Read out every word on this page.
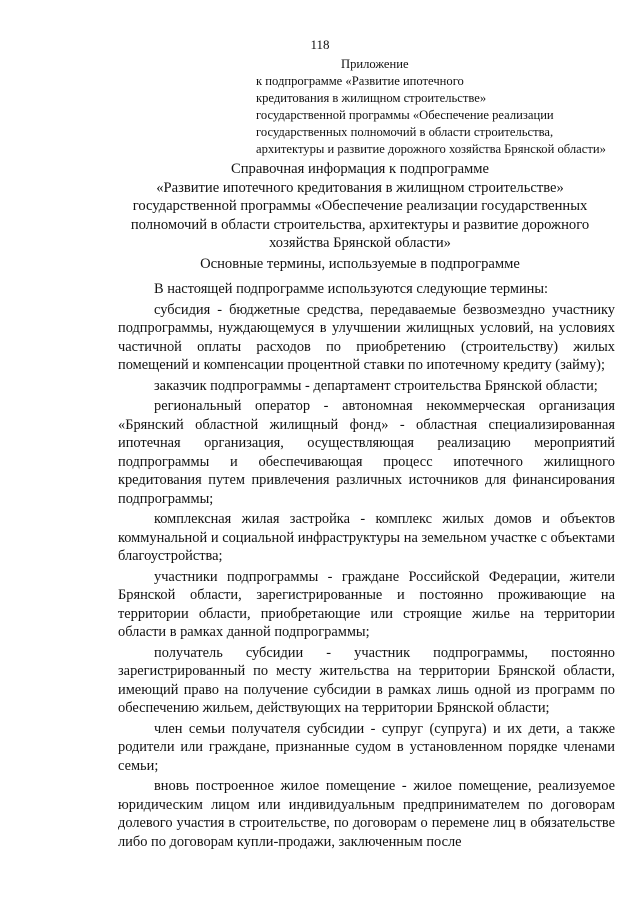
118
Приложение
к подпрограмме «Развитие ипотечного
кредитования в жилищном строительстве»
государственной программы «Обеспечение реализации
государственных полномочий в области строительства,
архитектуры и развитие дорожного хозяйства Брянской области»
Справочная информация к подпрограмме
«Развитие ипотечного кредитования в жилищном строительстве»
государственной программы «Обеспечение реализации государственных
полномочий в области строительства, архитектуры и развитие дорожного
хозяйства Брянской области»
Основные термины, используемые в подпрограмме

В настоящей подпрограмме используются следующие термины:

субсидия - бюджетные средства, передаваемые безвозмездно участнику подпрограммы, нуждающемуся в улучшении жилищных условий, на условиях частичной оплаты расходов по приобретению (строительству) жилых помещений и компенсации процентной ставки по ипотечному кредиту (займу);

заказчик подпрограммы - департамент строительства Брянской области;

региональный оператор - автономная некоммерческая организация «Брянский областной жилищный фонд» - областная специализированная ипотечная организация, осуществляющая реализацию мероприятий подпрограммы и обеспечивающая процесс ипотечного жилищного кредитования путем привлечения различных источников для финансирования подпрограммы;

комплексная жилая застройка - комплекс жилых домов и объектов коммунальной и социальной инфраструктуры на земельном участке с объектами благоустройства;

участники подпрограммы - граждане Российской Федерации, жители Брянской области, зарегистрированные и постоянно проживающие на территории области, приобретающие или строящие жилье на территории области в рамках данной подпрограммы;

получатель субсидии - участник подпрограммы, постоянно зарегистрированный по месту жительства на территории Брянской области, имеющий право на получение субсидии в рамках лишь одной из программ по обеспечению жильем, действующих на территории Брянской области;

член семьи получателя субсидии - супруг (супруга) и их дети, а также родители или граждане, признанные судом в установленном порядке членами семьи;

вновь построенное жилое помещение - жилое помещение, реализуемое юридическим лицом или индивидуальным предпринимателем по договорам долевого участия в строительстве, по договорам о перемене лиц в обязательстве либо по договорам купли-продажи, заключенным после
